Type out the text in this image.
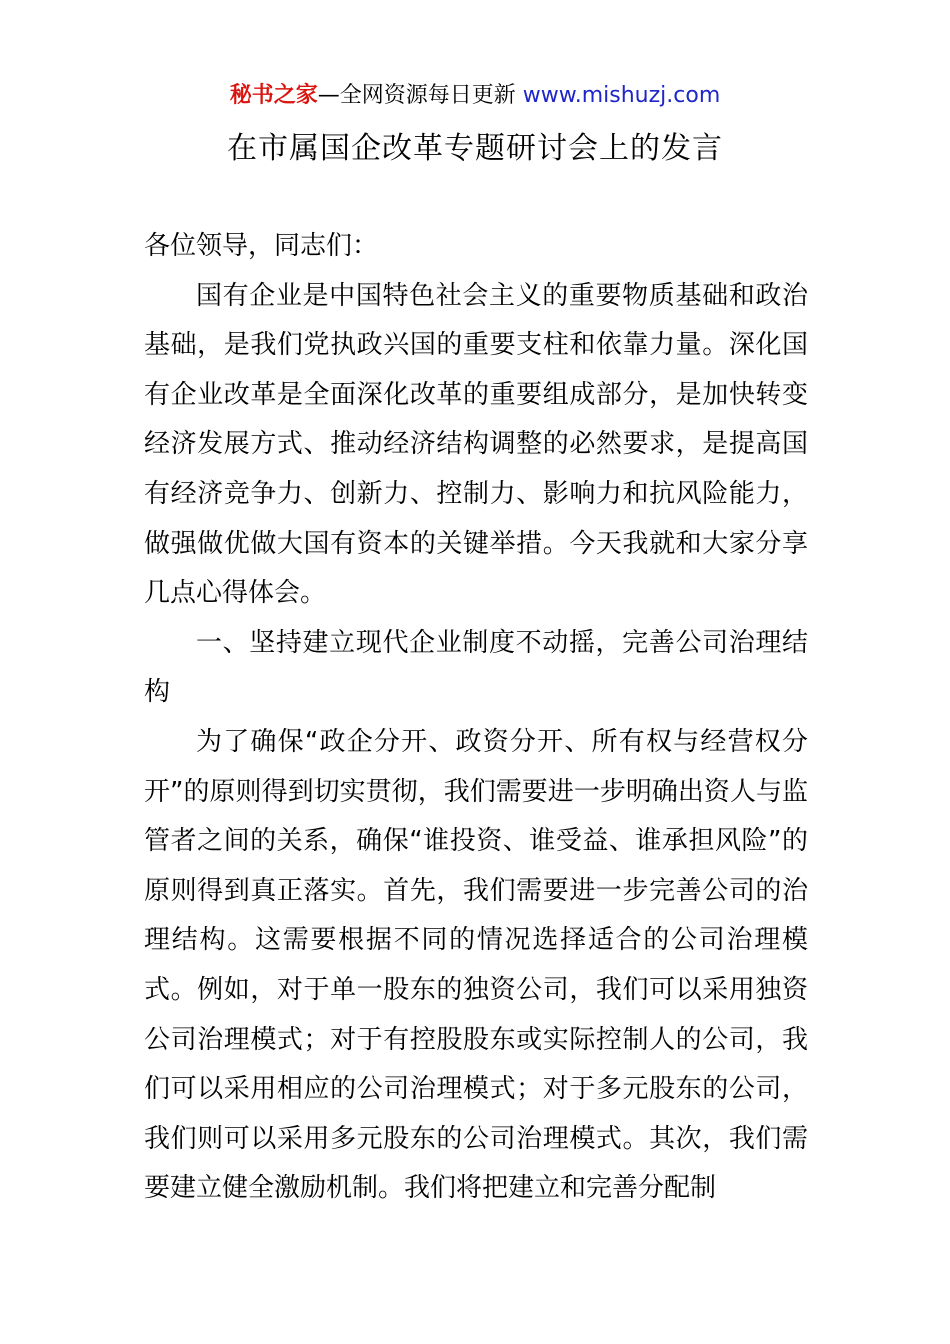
秘书之家—全网资源每日更新 www.mishuzj.com
在市属国企改革专题研讨会上的发言

各位领导，同志们：

国有企业是中国特色社会主义的重要物质基础和政治基础，是我们党执政兴国的重要支柱和依靠力量。深化国有企业改革是全面深化改革的重要组成部分，是加快转变经济发展方式、推动经济结构调整的必然要求，是提高国有经济竞争力、创新力、控制力、影响力和抗风险能力，做强做优做大国有资本的关键举措。今天我就和大家分享几点心得体会。

一、坚持建立现代企业制度不动摇，完善公司治理结构

为了确保“政企分开、政资分开、所有权与经营权分开”的原则得到切实贯彻，我们需要进一步明确出资人与监管者之间的关系，确保“谁投资、谁受益、谁承担风险”的原则得到真正落实。首先，我们需要进一步完善公司的治理结构。这需要根据不同的情况选择适合的公司治理模式。例如，对于单一股东的独资公司，我们可以采用独资公司治理模式；对于有控股股东或实际控制人的公司，我们可以采用相应的公司治理模式；对于多元股东的公司，我们则可以采用多元股东的公司治理模式。其次，我们需要建立健全激励机制。我们将把建立和完善分配制
